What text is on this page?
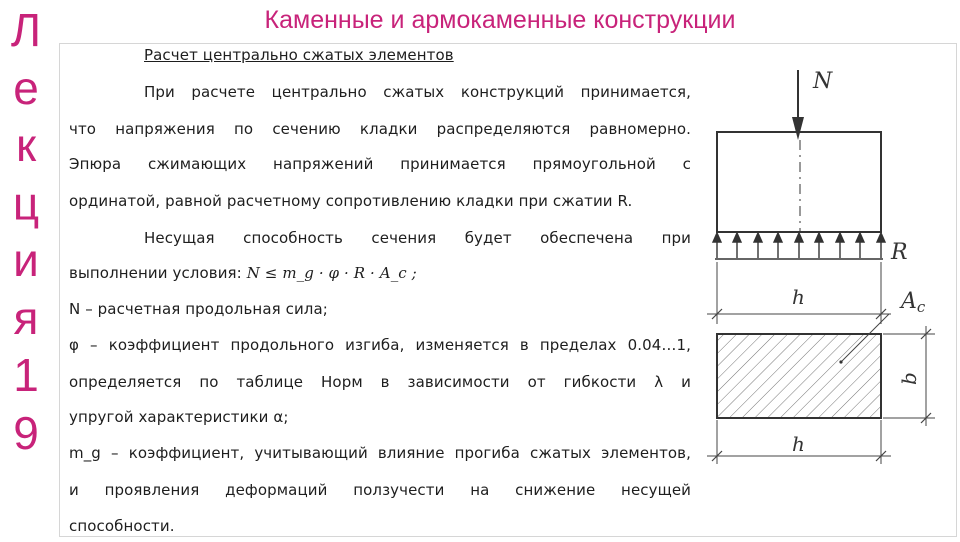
Л
е
к
ц
и
я
1
9
Каменные и армокаменные конструкции
Расчет центрально сжатых элементов
При расчете центрально сжатых конструкций принимается,
что напряжения по сечению кладки распределяются равномерно.
Эпюра сжимающих напряжений принимается прямоугольной с
ординатой, равной расчетному сопротивлению кладки при сжатии R.
Несущая способность сечения будет обеспечена при
выполнении условия: N ≤ m_g · φ · R · A_c ;
N – расчетная продольная сила;
φ – коэффициент продольного изгиба, изменяется в пределах 0.04…1,
определяется по таблице Норм в зависимости от гибкости λ и
упругой характеристики α;
m_g – коэффициент, учитывающий влияние прогиба сжатых элементов,
и проявления деформаций ползучести на снижение несущей
способности.
N
R
h	Ac
b
h
